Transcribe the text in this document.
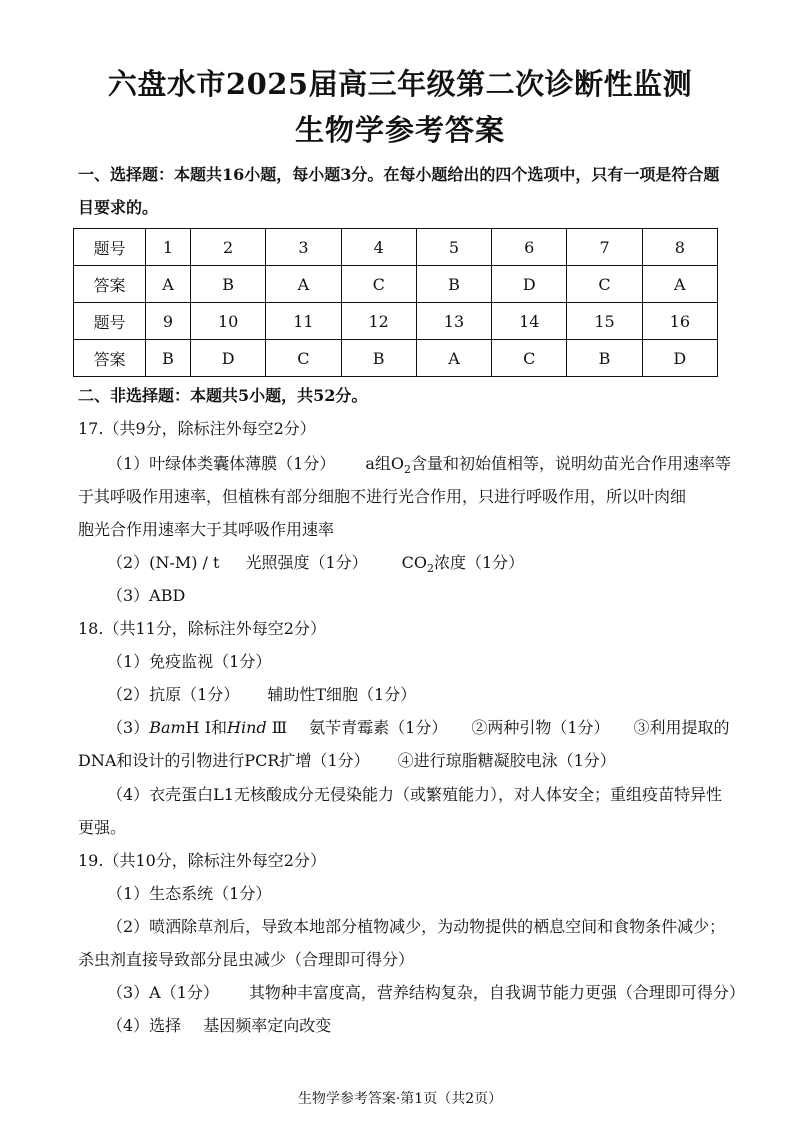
六盘水市2025届高三年级第二次诊断性监测
生物学参考答案
一、选择题：本题共16小题，每小题3分。在每小题给出的四个选项中，只有一项是符合题
目要求的。
题号	1	2	3	4	5	6	7	8
答案	A	B	A	C	B	D	C	A
题号	9	10	11	12	13	14	15	16
答案	B	D	C	B	A	C	B	D
二、非选择题：本题共5小题，共52分。
17.（共9分，除标注外每空2分）
（1）叶绿体类囊体薄膜（1分） a组$O_2$含量和初始值相等，说明幼苗光合作用速率等
于其呼吸作用速率，但植株有部分细胞不进行光合作用，只进行呼吸作用，所以叶肉细
胞光合作用速率大于其呼吸作用速率
（2）(N-M) / t 光照强度（1分） $CO_2$浓度（1分）
（3）ABD
18.（共11分，除标注外每空2分）
（1）免疫监视（1分）
（2）抗原（1分） 辅助性T细胞（1分）
（3）BamH Ⅰ和Hind Ⅲ 氨苄青霉素（1分） ②两种引物（1分） ③利用提取的
DNA和设计的引物进行PCR扩增（1分） ④进行琼脂糖凝胶电泳（1分）
（4）衣壳蛋白L1无核酸成分无侵染能力（或繁殖能力），对人体安全；重组疫苗特异性
更强。
19.（共10分，除标注外每空2分）
（1）生态系统（1分）
（2）喷洒除草剂后，导致本地部分植物减少，为动物提供的栖息空间和食物条件减少；
杀虫剂直接导致部分昆虫减少（合理即可得分）
（3）A（1分） 其物种丰富度高，营养结构复杂，自我调节能力更强（合理即可得分）
（4）选择 基因频率定向改变
生物学参考答案·第1页（共2页）
